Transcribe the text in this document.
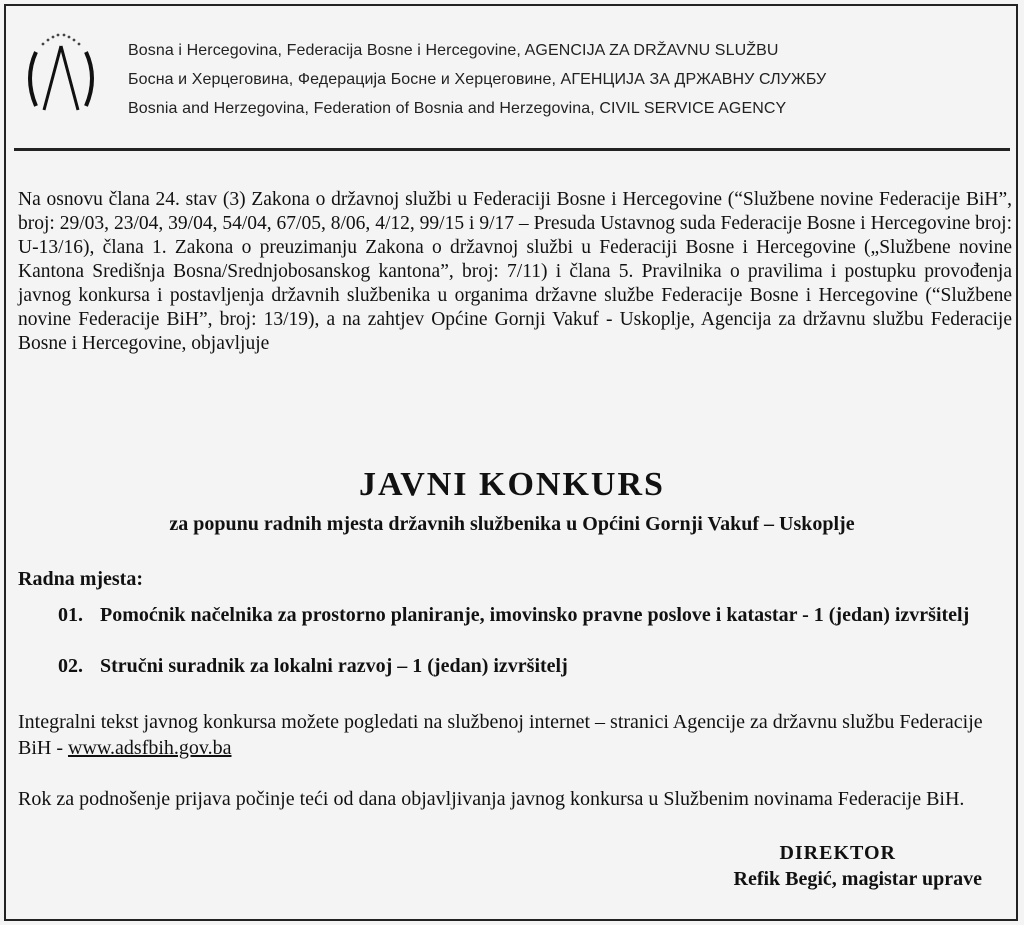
Bosna i Hercegovina, Federacija Bosne i Hercegovine, AGENCIJA ZA DRŽAVNU SLUŽBU
Босна и Херцеговина, Федерација Босне и Херцеговине, АГЕНЦИЈА ЗА ДРЖАВНУ СЛУЖБУ
Bosnia and Herzegovina, Federation of Bosnia and Herzegovina, CIVIL SERVICE AGENCY
Na osnovu člana 24. stav (3) Zakona o državnoj službi u Federaciji Bosne i Hercegovine (“Službene novine Federacije BiH”, broj: 29/03, 23/04, 39/04, 54/04, 67/05, 8/06, 4/12, 99/15 i 9/17 – Presuda Ustavnog suda Federacije Bosne i Hercegovine broj: U-13/16), člana 1. Zakona o preuzimanju Zakona o državnoj službi u Federaciji Bosne i Hercegovine („Službene novine Kantona Središnja Bosna/Srednjobosanskog kantona”, broj: 7/11) i člana 5. Pravilnika o pravilima i postupku provođenja javnog konkursa i postavljenja državnih službenika u organima državne službe Federacije Bosne i Hercegovine (“Službene novine Federacije BiH”, broj: 13/19), a na zahtjev Općine Gornji Vakuf - Uskoplje, Agencija za državnu službu Federacije Bosne i Hercegovine, objavljuje
JAVNI KONKURS
za popunu radnih mjesta državnih službenika u Općini Gornji Vakuf – Uskoplje
Radna mjesta:
01. Pomoćnik načelnika za prostorno planiranje, imovinsko pravne poslove i katastar - 1 (jedan) izvršitelj
02. Stručni suradnik za lokalni razvoj – 1 (jedan) izvršitelj
Integralni tekst javnog konkursa možete pogledati na službenoj internet – stranici Agencije za državnu službu Federacije BiH - www.adsfbih.gov.ba
Rok za podnošenje prijava počinje teći od dana objavljivanja javnog konkursa u Službenim novinama Federacije BiH.
DIREKTOR
Refik Begić, magistar uprave
